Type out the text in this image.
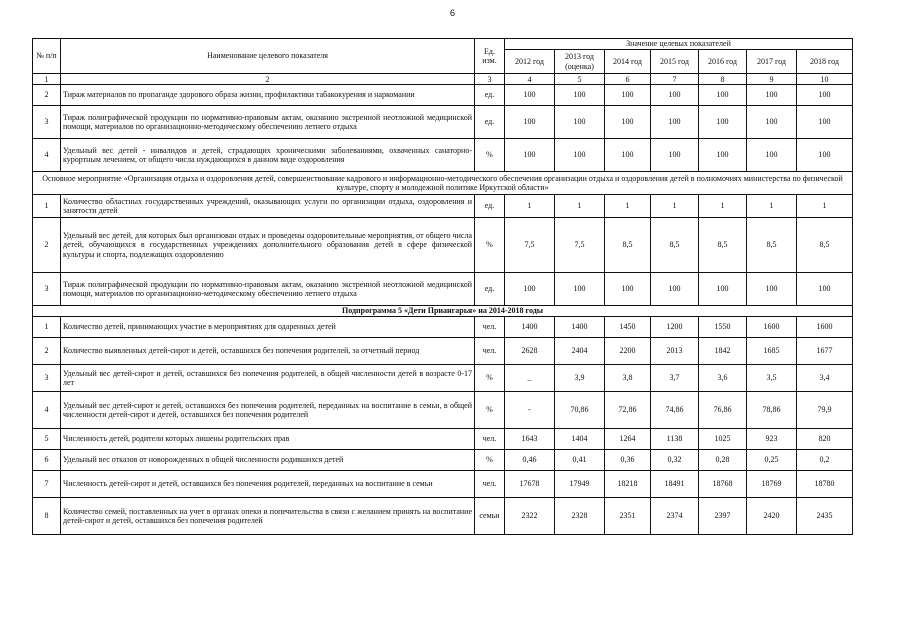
6
№ п/п	Наименование целевого показателя	Ед. изм.	Значение целевых показателей						
			2012 год	2013 год (оценка)	2014 год	2015 год	2016 год	2017 год	2018 год
1	2	3	4	5	6	7	8	9	10
2	Тираж материалов по пропаганде здорового образа жизни, профилактики табакокурения и наркомании	ед.	100	100	100	100	100	100	100
3	Тираж полиграфической продукции по нормативно-правовым актам, оказанию экстренной неотложной медицинской помощи, материалов по организационно-методическому обеспечению летнего отдыха	ед.	100	100	100	100	100	100	100
4	Удельный вес детей - инвалидов и детей, страдающих хроническими заболеваниями, охваченных санаторно-курортным лечением, от общего числа нуждающихся в данном виде оздоровления	%	100	100	100	100	100	100	100
Основное мероприятие «Организация отдыха и оздоровления детей, совершенствование кадрового и информационно-методического обеспечения организации отдыха и оздоровления детей в полномочиях министерства по физической культуре, спорту и молодежной политике Иркутской области»									
1	Количество областных государственных учреждений, оказывающих услуги по организации отдыха, оздоровления и занятости детей	ед.	1	1	1	1	1	1	1
2	Удельный вес детей, для которых был организован отдых и проведены оздоровительные мероприятия, от общего числа детей, обучающихся в государственных учреждениях дополнительного образования детей в сфере физической культуры и спорта, подлежащих оздоровлению	%	7,5	7,5	8,5	8,5	8,5	8,5	8,5
3	Тираж полиграфической продукции по нормативно-правовым актам, оказанию экстренной неотложной медицинской помощи, материалов по организационно-методическому обеспечению летнего отдыха	ед.	100	100	100	100	100	100	100
Подпрограмма 5 «Дети Приангарья» на 2014-2018 годы									
1	Количество детей, принимающих участие в мероприятиях для одаренных детей	чел.	1400	1400	1450	1200	1550	1600	1600
2	Количество выявленных детей-сирот и детей, оставшихся без попечения родителей, за отчетный период	чел.	2628	2404	2200	2013	1842	1685	1677
3	Удельный вес детей-сирот и детей, оставшихся без попечения родителей, в общей численности детей в возрасте 0-17 лет	%	_	3,9	3,8	3,7	3,6	3,5	3,4
4	Удельный вес детей-сирот и детей, оставшихся без попечения родителей, переданных на воспитание в семьи, в общей численности детей-сирот и детей, оставшихся без попечения родителей	%	-	70,86	72,86	74,86	76,86	78,86	79,9
5	Численность детей, родители которых лишены родительских прав	чел.	1643	1404	1264	1138	1025	923	820
6	Удельный вес отказов от новорожденных в общей численности родившихся детей	%	0,46	0,41	0,36	0,32	0,28	0,25	0,2
7	Численность детей-сирот и детей, оставшихся без попечения родителей, переданных на воспитание в семьи	чел.	17678	17949	18218	18491	18768	18769	18780
8	Количество семей, поставленных на учет в органах опеки и попечительства в связи с желанием принять на воспитание детей-сирот и детей, оставшихся без попечения родителей	семьи	2322	2328	2351	2374	2397	2420	2435
